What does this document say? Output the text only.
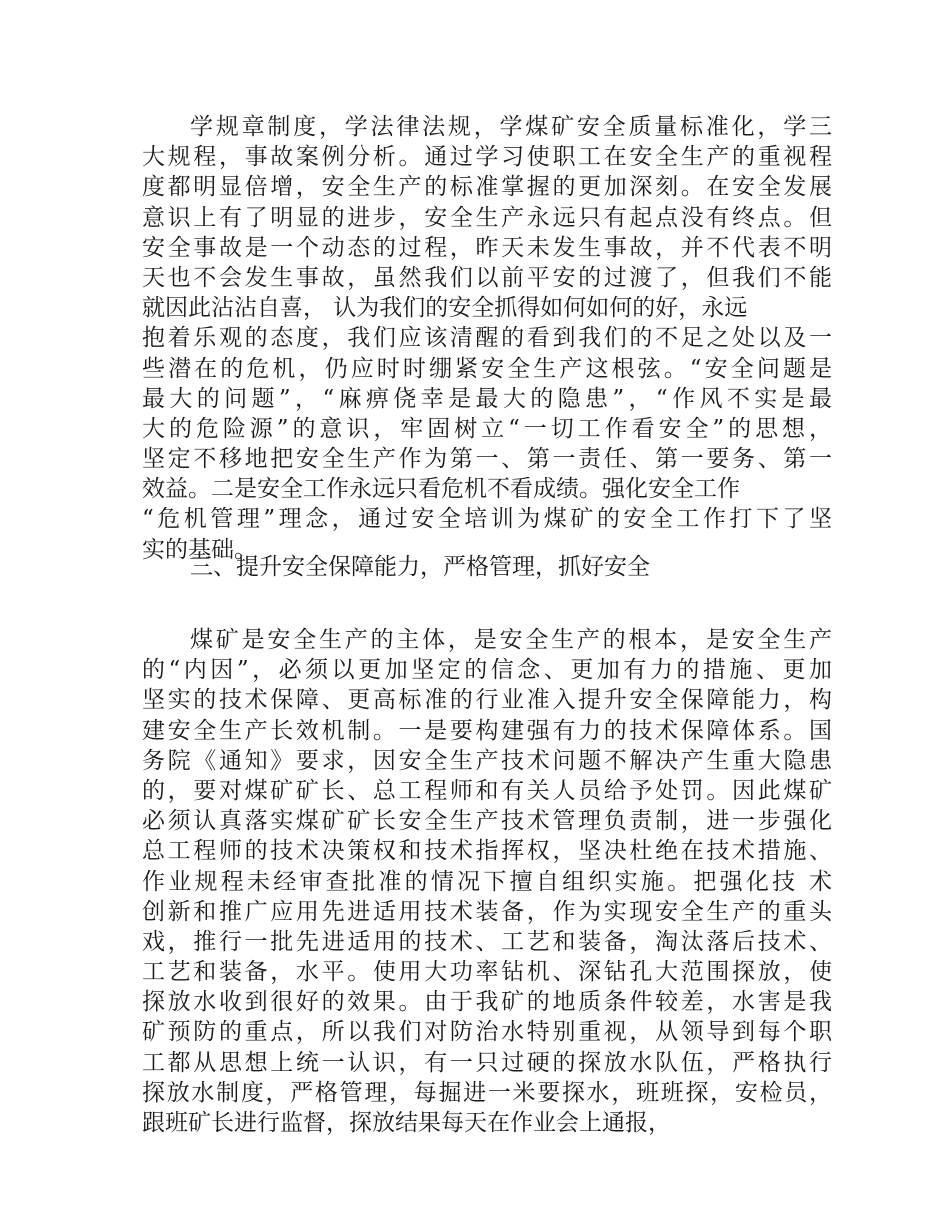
学规章制度，学法律法规，学煤矿安全质量标准化，学三
大规程，事故案例分析。通过学习使职工在安全生产的重视程
度都明显倍增，安全生产的标准掌握的更加深刻。在安全发展
意识上有了明显的进步，安全生产永远只有起点没有终点。但
安全事故是一个动态的过程，昨天未发生事故，并不代表不明
天也不会发生事故，虽然我们以前平安的过渡了，但我们不能
就因此沾沾自喜， 认为我们的安全抓得如何如何的好，永远
抱着乐观的态度，我们应该清醒的看到我们的不足之处以及一
些潜在的危机，仍应时时绷紧安全生产这根弦。“安全问题是
最大的问题”，“麻痹侥幸是最大的隐患”，“作风不实是最
大的危险源”的意识，牢固树立“一切工作看安全”的思想，
坚定不移地把安全生产作为第一、第一责任、第一要务、第一
效益。二是安全工作永远只看危机不看成绩。强化安全工作
“危机管理”理念，通过安全培训为煤矿的安全工作打下了坚
实的基础。
三、提升安全保障能力，严格管理，抓好安全
煤矿是安全生产的主体，是安全生产的根本，是安全生产
的“内因”，必须以更加坚定的信念、更加有力的措施、更加
坚实的技术保障、更高标准的行业准入提升安全保障能力，构
建安全生产长效机制。一是要构建强有力的技术保障体系。国
务院《通知》要求，因安全生产技术问题不解决产生重大隐患
的，要对煤矿矿长、总工程师和有关人员给予处罚。因此煤矿
必须认真落实煤矿矿长安全生产技术管理负责制，进一步强化
总工程师的技术决策权和技术指挥权，坚决杜绝在技术措施、
作业规程未经审查批准的情况下擅自组织实施。把强化技 术
创新和推广应用先进适用技术装备，作为实现安全生产的重头
戏，推行一批先进适用的技术、工艺和装备，淘汰落后技术、
工艺和装备，水平。使用大功率钻机、深钻孔大范围探放，使
探放水收到很好的效果。由于我矿的地质条件较差，水害是我
矿预防的重点，所以我们对防治水特别重视，从领导到每个职
工都从思想上统一认识，有一只过硬的探放水队伍，严格执行
探放水制度，严格管理，每掘进一米要探水，班班探，安检员，
跟班矿长进行监督，探放结果每天在作业会上通报，
